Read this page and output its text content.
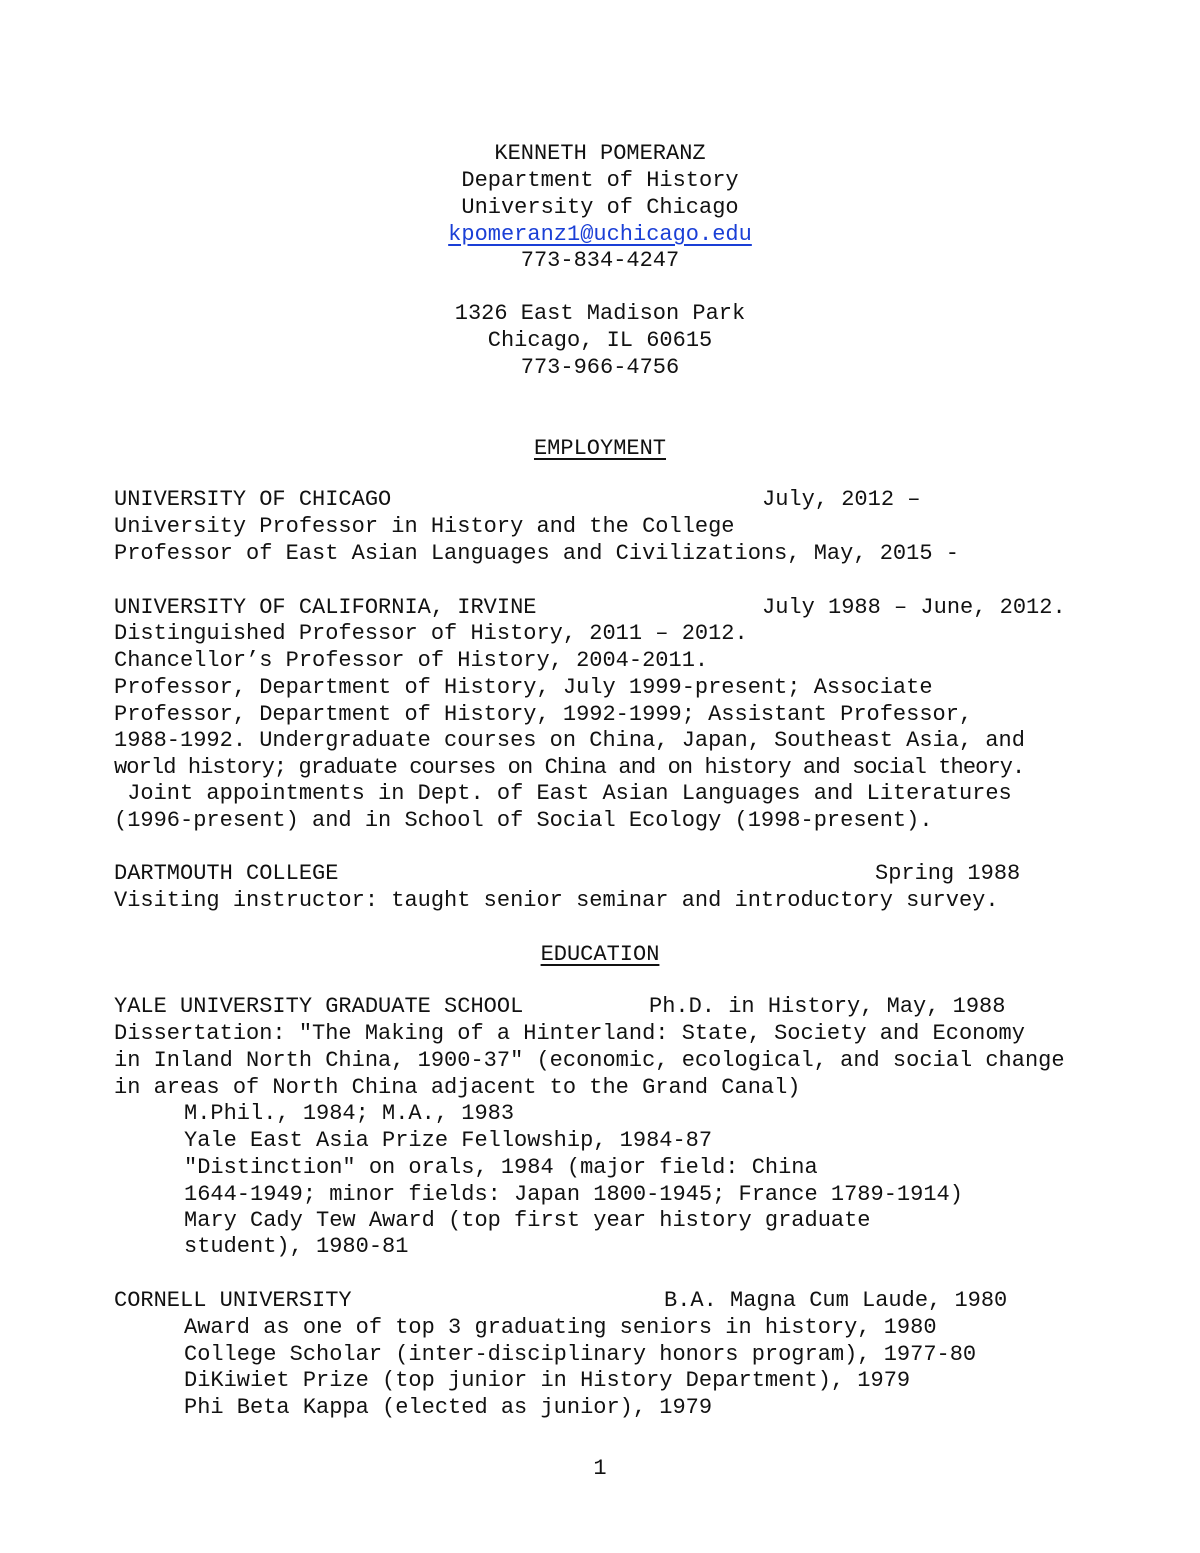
KENNETH POMERANZ
Department of History
University of Chicago
kpomeranz1@uchicago.edu
773-834-4247
1326 East Madison Park
Chicago, IL 60615
773-966-4756
EMPLOYMENT
UNIVERSITY OF CHICAGO	July, 2012 –
University Professor in History and the College
Professor of East Asian Languages and Civilizations, May, 2015 -
UNIVERSITY OF CALIFORNIA, IRVINE	July 1988 – June, 2012.
Distinguished Professor of History, 2011 – 2012.
Chancellor’s Professor of History, 2004-2011.
Professor, Department of History, July 1999-present; Associate
Professor, Department of History, 1992-1999; Assistant Professor,
1988-1992. Undergraduate courses on China, Japan, Southeast Asia, and
world history; graduate courses on China and on history and social theory.
Joint appointments in Dept. of East Asian Languages and Literatures
(1996-present) and in School of Social Ecology (1998-present).
DARTMOUTH COLLEGE	Spring 1988
Visiting instructor: taught senior seminar and introductory survey.
EDUCATION
YALE UNIVERSITY GRADUATE SCHOOL	Ph.D. in History, May, 1988
Dissertation: "The Making of a Hinterland: State, Society and Economy
in Inland North China, 1900-37" (economic, ecological, and social change
in areas of North China adjacent to the Grand Canal)
M.Phil., 1984; M.A., 1983
Yale East Asia Prize Fellowship, 1984-87
"Distinction" on orals, 1984 (major field: China
1644-1949; minor fields: Japan 1800-1945; France 1789-1914)
Mary Cady Tew Award (top first year history graduate
student), 1980-81
CORNELL UNIVERSITY	B.A. Magna Cum Laude, 1980
Award as one of top 3 graduating seniors in history, 1980
College Scholar (inter-disciplinary honors program), 1977-80
DiKiwiet Prize (top junior in History Department), 1979
Phi Beta Kappa (elected as junior), 1979
1
